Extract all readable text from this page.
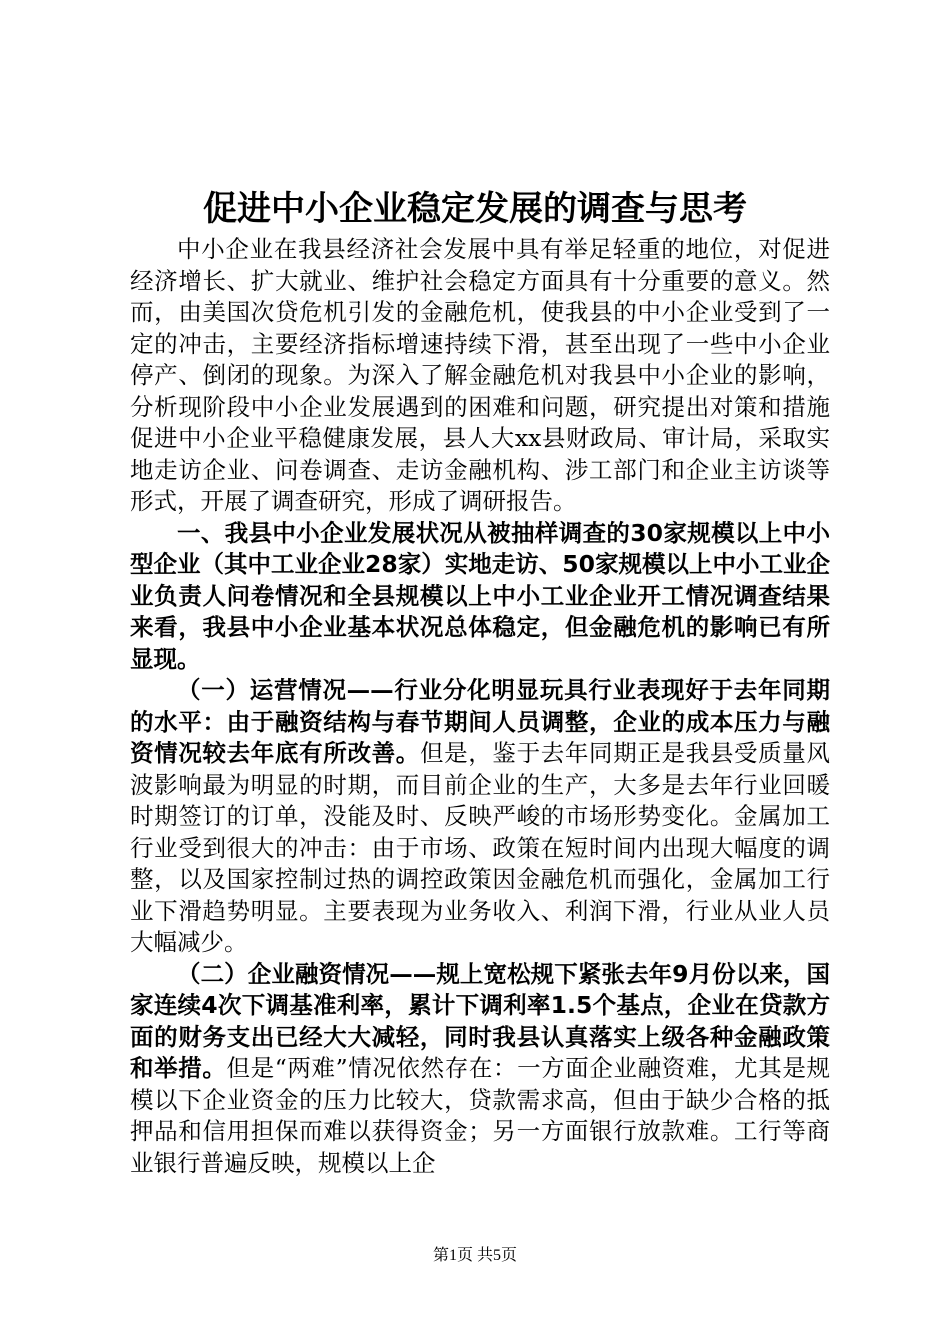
促进中小企业稳定发展的调查与思考

中小企业在我县经济社会发展中具有举足轻重的地位，对促进经济增长、扩大就业、维护社会稳定方面具有十分重要的意义。然而，由美国次贷危机引发的金融危机，使我县的中小企业受到了一定的冲击，主要经济指标增速持续下滑，甚至出现了一些中小企业停产、倒闭的现象。为深入了解金融危机对我县中小企业的影响，分析现阶段中小企业发展遇到的困难和问题，研究提出对策和措施促进中小企业平稳健康发展，县人大xx县财政局、审计局，采取实地走访企业、问卷调查、走访金融机构、涉工部门和企业主访谈等形式，开展了调查研究，形成了调研报告。

一、我县中小企业发展状况从被抽样调查的30家规模以上中小型企业（其中工业企业28家）实地走访、50家规模以上中小工业企业负责人问卷情况和全县规模以上中小工业企业开工情况调查结果来看，我县中小企业基本状况总体稳定，但金融危机的影响已有所显现。

（一）运营情况——行业分化明显玩具行业表现好于去年同期的水平：由于融资结构与春节期间人员调整，企业的成本压力与融资情况较去年底有所改善。但是，鉴于去年同期正是我县受质量风波影响最为明显的时期，而目前企业的生产，大多是去年行业回暖时期签订的订单，没能及时、反映严峻的市场形势变化。金属加工行业受到很大的冲击：由于市场、政策在短时间内出现大幅度的调整，以及国家控制过热的调控政策因金融危机而强化，金属加工行业下滑趋势明显。主要表现为业务收入、利润下滑，行业从业人员大幅减少。

（二）企业融资情况——规上宽松规下紧张去年9月份以来，国家连续4次下调基准利率，累计下调利率1.5个基点，企业在贷款方面的财务支出已经大大减轻，同时我县认真落实上级各种金融政策和举措。但是“两难”情况依然存在：一方面企业融资难，尤其是规模以下企业资金的压力比较大，贷款需求高，但由于缺少合格的抵押品和信用担保而难以获得资金；另一方面银行放款难。工行等商业银行普遍反映，规模以上企

第1页 共5页
